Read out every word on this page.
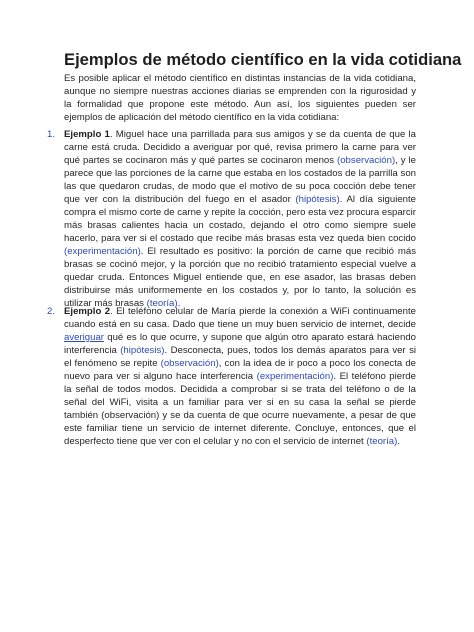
Ejemplos de método científico en la vida cotidiana

Es posible aplicar el método científico en distintas instancias de la vida cotidiana, aunque no siempre nuestras acciones diarias se emprenden con la rigurosidad y la formalidad que propone este método. Aun así, los siguientes pueden ser ejemplos de aplicación del método científico en la vida cotidiana:

1. Ejemplo 1. Miguel hace una parrillada para sus amigos y se da cuenta de que la carne está cruda. Decidido a averiguar por qué, revisa primero la carne para ver qué partes se cocinaron más y qué partes se cocinaron menos (observación), y le parece que las porciones de la carne que estaba en los costados de la parrilla son las que quedaron crudas, de modo que el motivo de su poca cocción debe tener que ver con la distribución del fuego en el asador (hipótesis). Al día siguiente compra el mismo corte de carne y repite la cocción, pero esta vez procura esparcir más brasas calientes hacia un costado, dejando el otro como siempre suele hacerlo, para ver si el costado que recibe más brasas esta vez queda bien cocido (experimentación). El resultado es positivo: la porción de carne que recibió más brasas se cocinó mejor, y la porción que no recibió tratamiento especial vuelve a quedar cruda. Entonces Miguel entiende que, en ese asador, las brasas deben distribuirse más uniformemente en los costados y, por lo tanto, la solución es utilizar más brasas (teoría).

2. Ejemplo 2. El teléfono celular de María pierde la conexión a WiFi continuamente cuando está en su casa. Dado que tiene un muy buen servicio de internet, decide averiguar qué es lo que ocurre, y supone que algún otro aparato estará haciendo interferencia (hipótesis). Desconecta, pues, todos los demás aparatos para ver si el fenómeno se repite (observación), con la idea de ir poco a poco los conecta de nuevo para ver si alguno hace interferencia (experimentación). El teléfono pierde la señal de todos modos. Decidida a comprobar si se trata del teléfono o de la señal del WiFi, visita a un familiar para ver si en su casa la señal se pierde también (observación) y se da cuenta de que ocurre nuevamente, a pesar de que este familiar tiene un servicio de internet diferente. Concluye, entonces, que el desperfecto tiene que ver con el celular y no con el servicio de internet (teoría).
